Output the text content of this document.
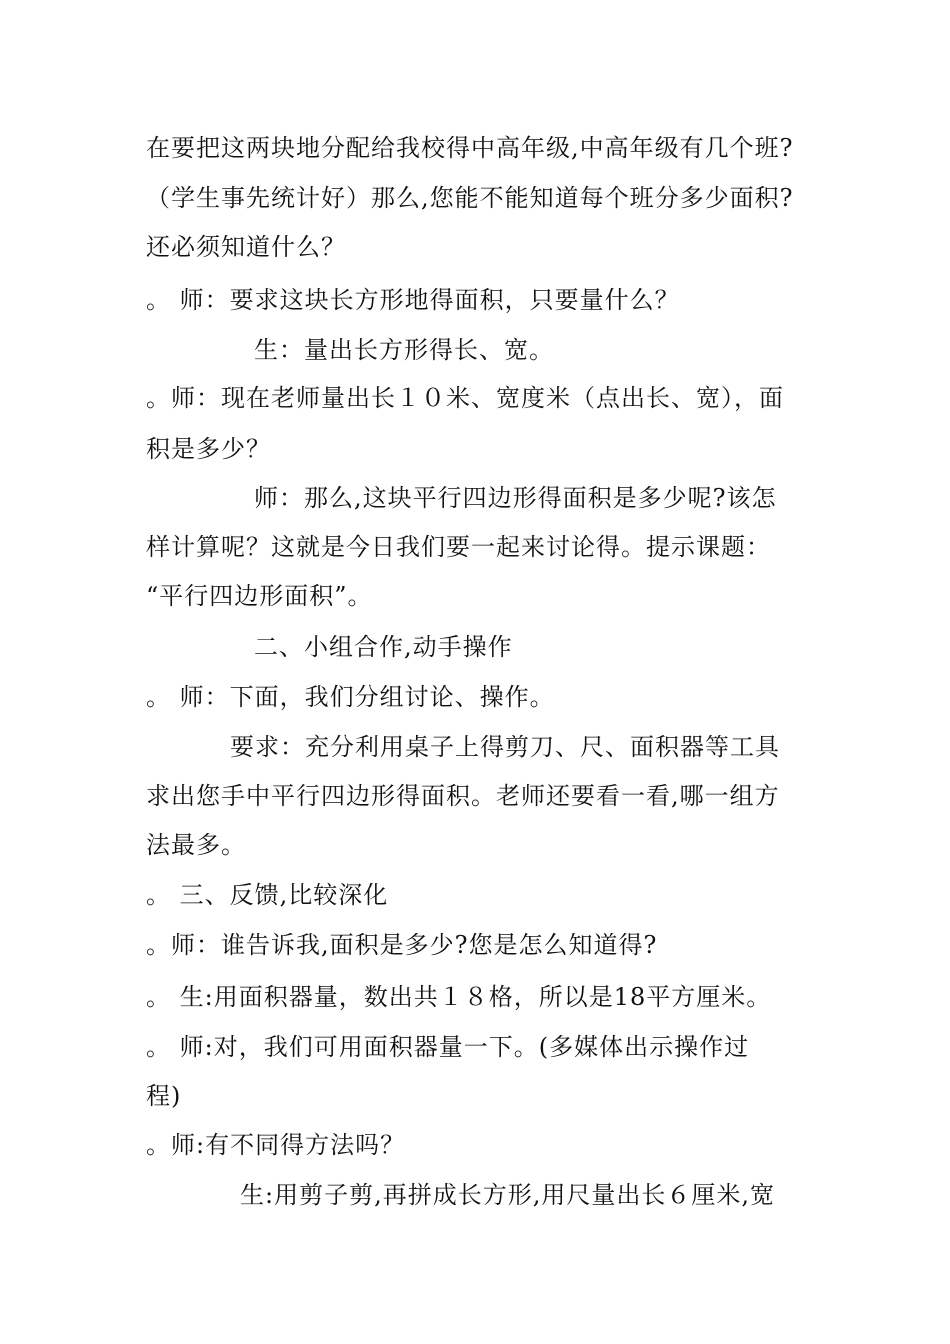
在要把这两块地分配给我校得中高年级,中高年级有几个班?
（学生事先统计好）那么,您能不能知道每个班分多少面积?
还必须知道什么？
。 师：要求这块长方形地得面积，只要量什么？
生：量出长方形得长、宽。
。师：现在老师量出长１０米、宽度米（点出长、宽），面
积是多少？
师：那么,这块平行四边形得面积是多少呢?该怎
样计算呢？这就是今日我们要一起来讨论得。提示课题：
“平行四边形面积”。
二、小组合作,动手操作
。 师：下面，我们分组讨论、操作。
要求：充分利用桌子上得剪刀、尺、面积器等工具
求出您手中平行四边形得面积。老师还要看一看,哪一组方
法最多。
。 三、反馈,比较深化
。师：谁告诉我,面积是多少?您是怎么知道得?
。 生:用面积器量，数出共１８格，所以是18平方厘米。
。 师:对，我们可用面积器量一下。(多媒体出示操作过
程)
。师:有不同得方法吗？
生:用剪子剪,再拼成长方形,用尺量出长６厘米,宽
